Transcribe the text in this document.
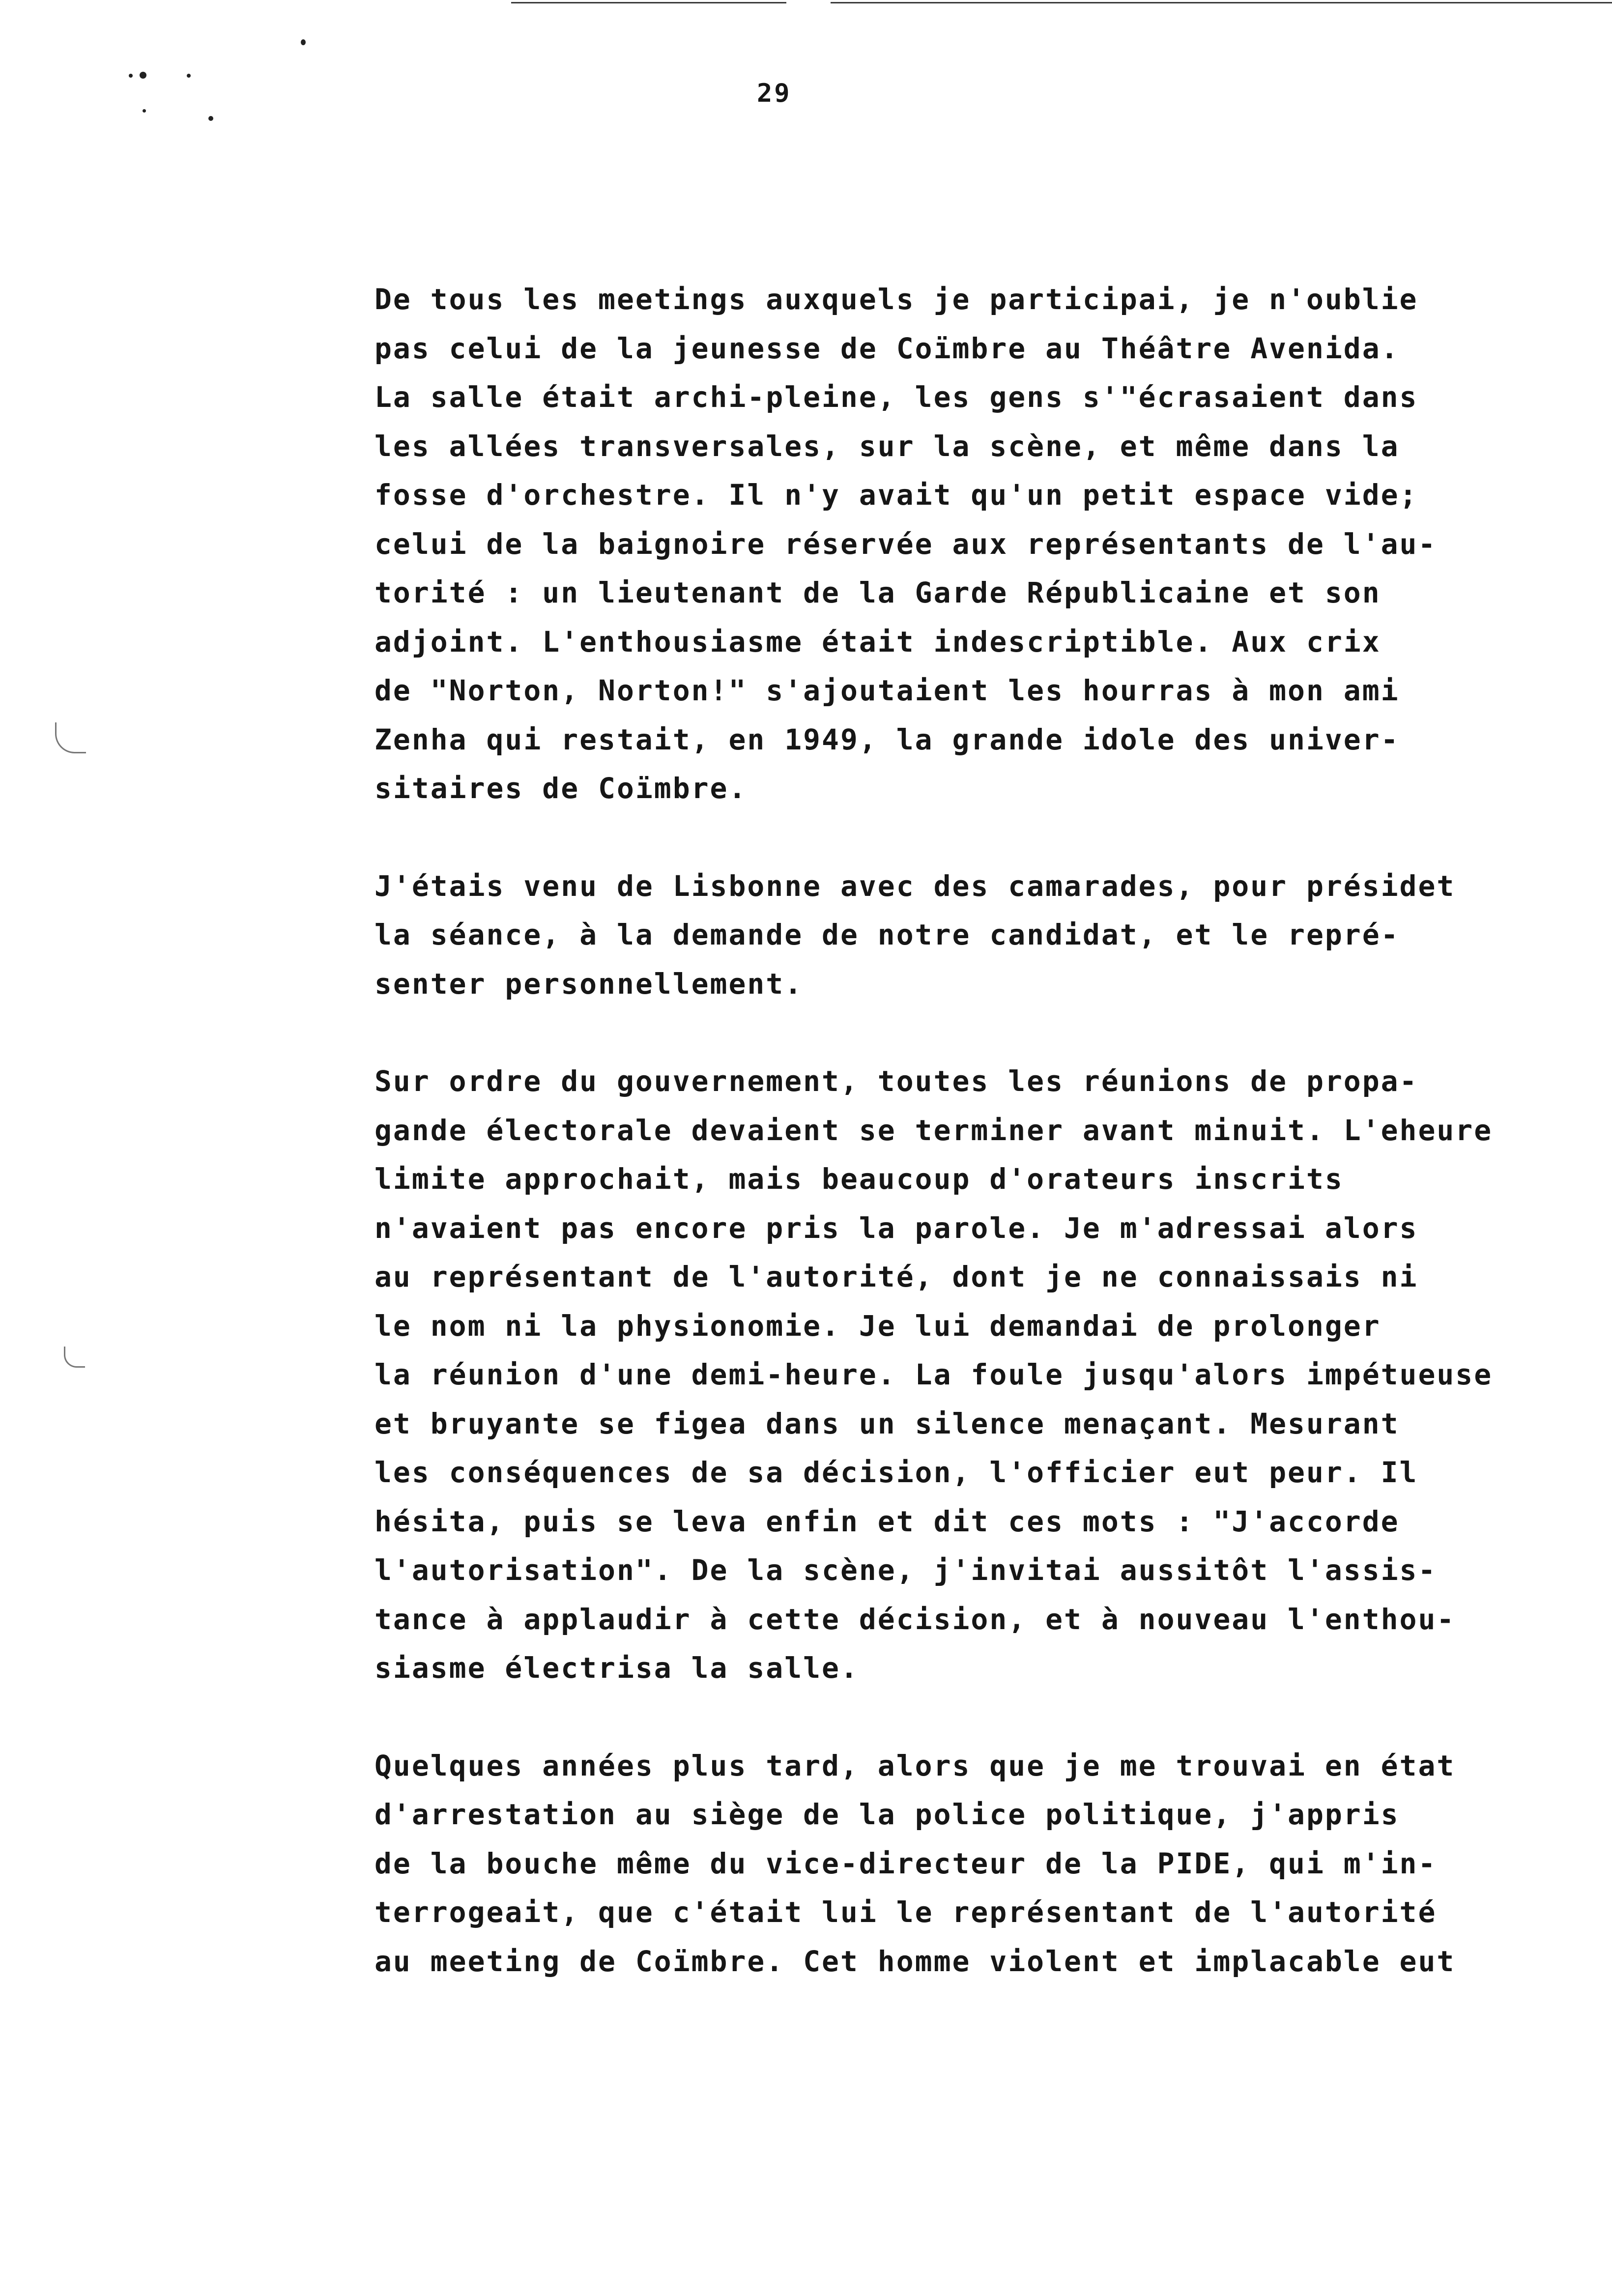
29
De tous les meetings auxquels je participai, je n'oublie
pas celui de la jeunesse de Coïmbre au Théâtre Avenida.
La salle était archi-pleine, les gens s'"écrasaient dans
les allées transversales, sur la scène, et même dans la
fosse d'orchestre. Il n'y avait qu'un petit espace vide;
celui de la baignoire réservée aux représentants de l'au-
torité : un lieutenant de la Garde Républicaine et son
adjoint. L'enthousiasme était indescriptible. Aux crix
de "Norton, Norton!" s'ajoutaient les hourras à mon ami
Zenha qui restait, en 1949, la grande idole des univer-
sitaires de Coïmbre.
J'étais venu de Lisbonne avec des camarades, pour présidet
la séance, à la demande de notre candidat, et le repré-
senter personnellement.
Sur ordre du gouvernement, toutes les réunions de propa-
gande électorale devaient se terminer avant minuit. L'eheure
limite approchait, mais beaucoup d'orateurs inscrits
n'avaient pas encore pris la parole. Je m'adressai alors
au représentant de l'autorité, dont je ne connaissais ni
le nom ni la physionomie. Je lui demandai de prolonger
la réunion d'une demi-heure. La foule jusqu'alors impétueuse
et bruyante se figea dans un silence menaçant. Mesurant
les conséquences de sa décision, l'officier eut peur. Il
hésita, puis se leva enfin et dit ces mots : "J'accorde
l'autorisation". De la scène, j'invitai aussitôt l'assis-
tance à applaudir à cette décision, et à nouveau l'enthou-
siasme électrisa la salle.
Quelques années plus tard, alors que je me trouvai en état
d'arrestation au siège de la police politique, j'appris
de la bouche même du vice-directeur de la PIDE, qui m'in-
terrogeait, que c'était lui le représentant de l'autorité
au meeting de Coïmbre. Cet homme violent et implacable eut
